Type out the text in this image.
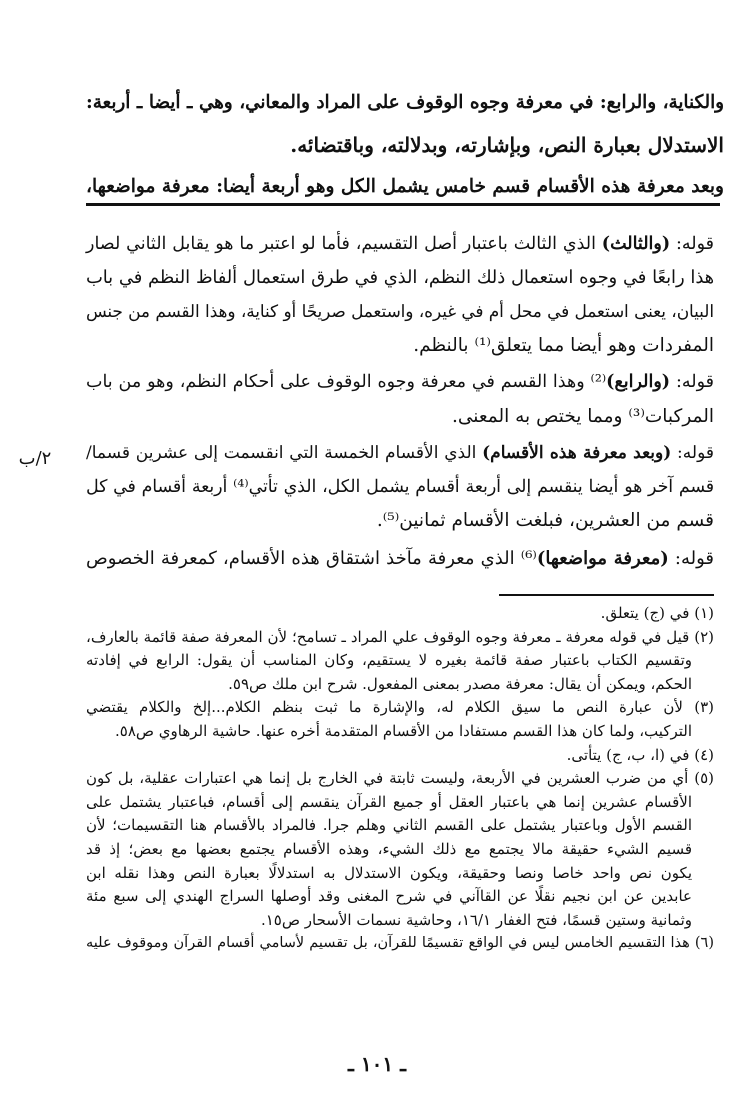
والكناية، والرابع: في معرفة وجوه الوقوف على المراد والمعاني، وهي ـ أيضا ـ أربعة:
الاستدلال بعبارة النص، وبإشارته، وبدلالته، وباقتضائه.
وبعد معرفة هذه الأقسام قسم خامس يشمل الكل وهو أربعة أيضا: معرفة مواضعها،
قوله: (والثالث) الذي الثالث باعتبار أصل التقسيم، فأما لو اعتبر ما هو يقابل الثاني لصار
هذا رابعًا في وجوه استعمال ذلك النظم، الذي في طرق استعمال ألفاظ النظم في باب
البيان، يعنى استعمل في محل أم في غيره، واستعمل صريحًا أو كناية، وهذا القسم من جنس
المفردات وهو أيضا مما يتعلق⁽¹⁾ بالنظم.
قوله: (والرابع)⁽²⁾ وهذا القسم في معرفة وجوه الوقوف على أحكام النظم، وهو من باب
المركبات⁽³⁾ ومما يختص به المعنى.
قوله: (وبعد معرفة هذه الأقسام) الذي الأقسام الخمسة التي انقسمت إلى عشرين قسما/
قسم آخر هو أيضا ينقسم إلى أربعة أقسام يشمل الكل، الذي تأتي⁽⁴⁾ أربعة أقسام في كل
قسم من العشرين، فبلغت الأقسام ثمانين⁽⁵⁾.
قوله: (معرفة مواضعها)⁽⁶⁾ الذي معرفة مآخذ اشتقاق هذه الأقسام، كمعرفة الخصوص
٢/ب
(١) في (ج) يتعلق.
(٢) قيل في قوله معرفة ـ معرفة وجوه الوقوف علي المراد ـ تسامح؛ لأن المعرفة صفة قائمة بالعارف،
وتقسيم الكتاب باعتبار صفة قائمة بغيره لا يستقيم، وكان المناسب أن يقول: الرابع في إفادته
الحكم، ويمكن أن يقال: معرفة مصدر بمعنى المفعول. شرح ابن ملك ص٥٩.
(٣) لأن عبارة النص ما سيق الكلام له، والإشارة ما ثبت بنظم الكلام...إلخ والكلام يقتضي
التركيب، ولما كان هذا القسم مستفادا من الأقسام المتقدمة أخره عنها. حاشية الرهاوي ص٥٨.
(٤) في (ا، ب، ج) يتأتى.
(٥) أي من ضرب العشرين في الأربعة، وليست ثابتة في الخارج بل إنما هي اعتبارات عقلية، بل كون
الأقسام عشرين إنما هي باعتبار العقل أو جميع القرآن ينقسم إلى أقسام، فباعتبار يشتمل على
القسم الأول وباعتبار يشتمل على القسم الثاني وهلم جرا. فالمراد بالأقسام هنا التقسيمات؛ لأن
قسيم الشيء حقيقة مالا يجتمع مع ذلك الشيء، وهذه الأقسام يجتمع بعضها مع بعض؛ إذ قد
يكون نص واحد خاصا ونصا وحقيقة، ويكون الاستدلال به استدلالًا بعبارة النص وهذا نقله ابن
عابدين عن ابن نجيم نقلًا عن القاآني في شرح المغنى وقد أوصلها السراج الهندي إلى سبع مئة
وثمانية وستين قسمًا، فتح الغفار ١٦/١، وحاشية نسمات الأسحار ص١٥.
(٦) هذا التقسيم الخامس ليس في الواقع تقسيمًا للقرآن، بل تقسيم لأسامي أقسام القرآن وموقوف عليه
ـ ١٠١ ـ
